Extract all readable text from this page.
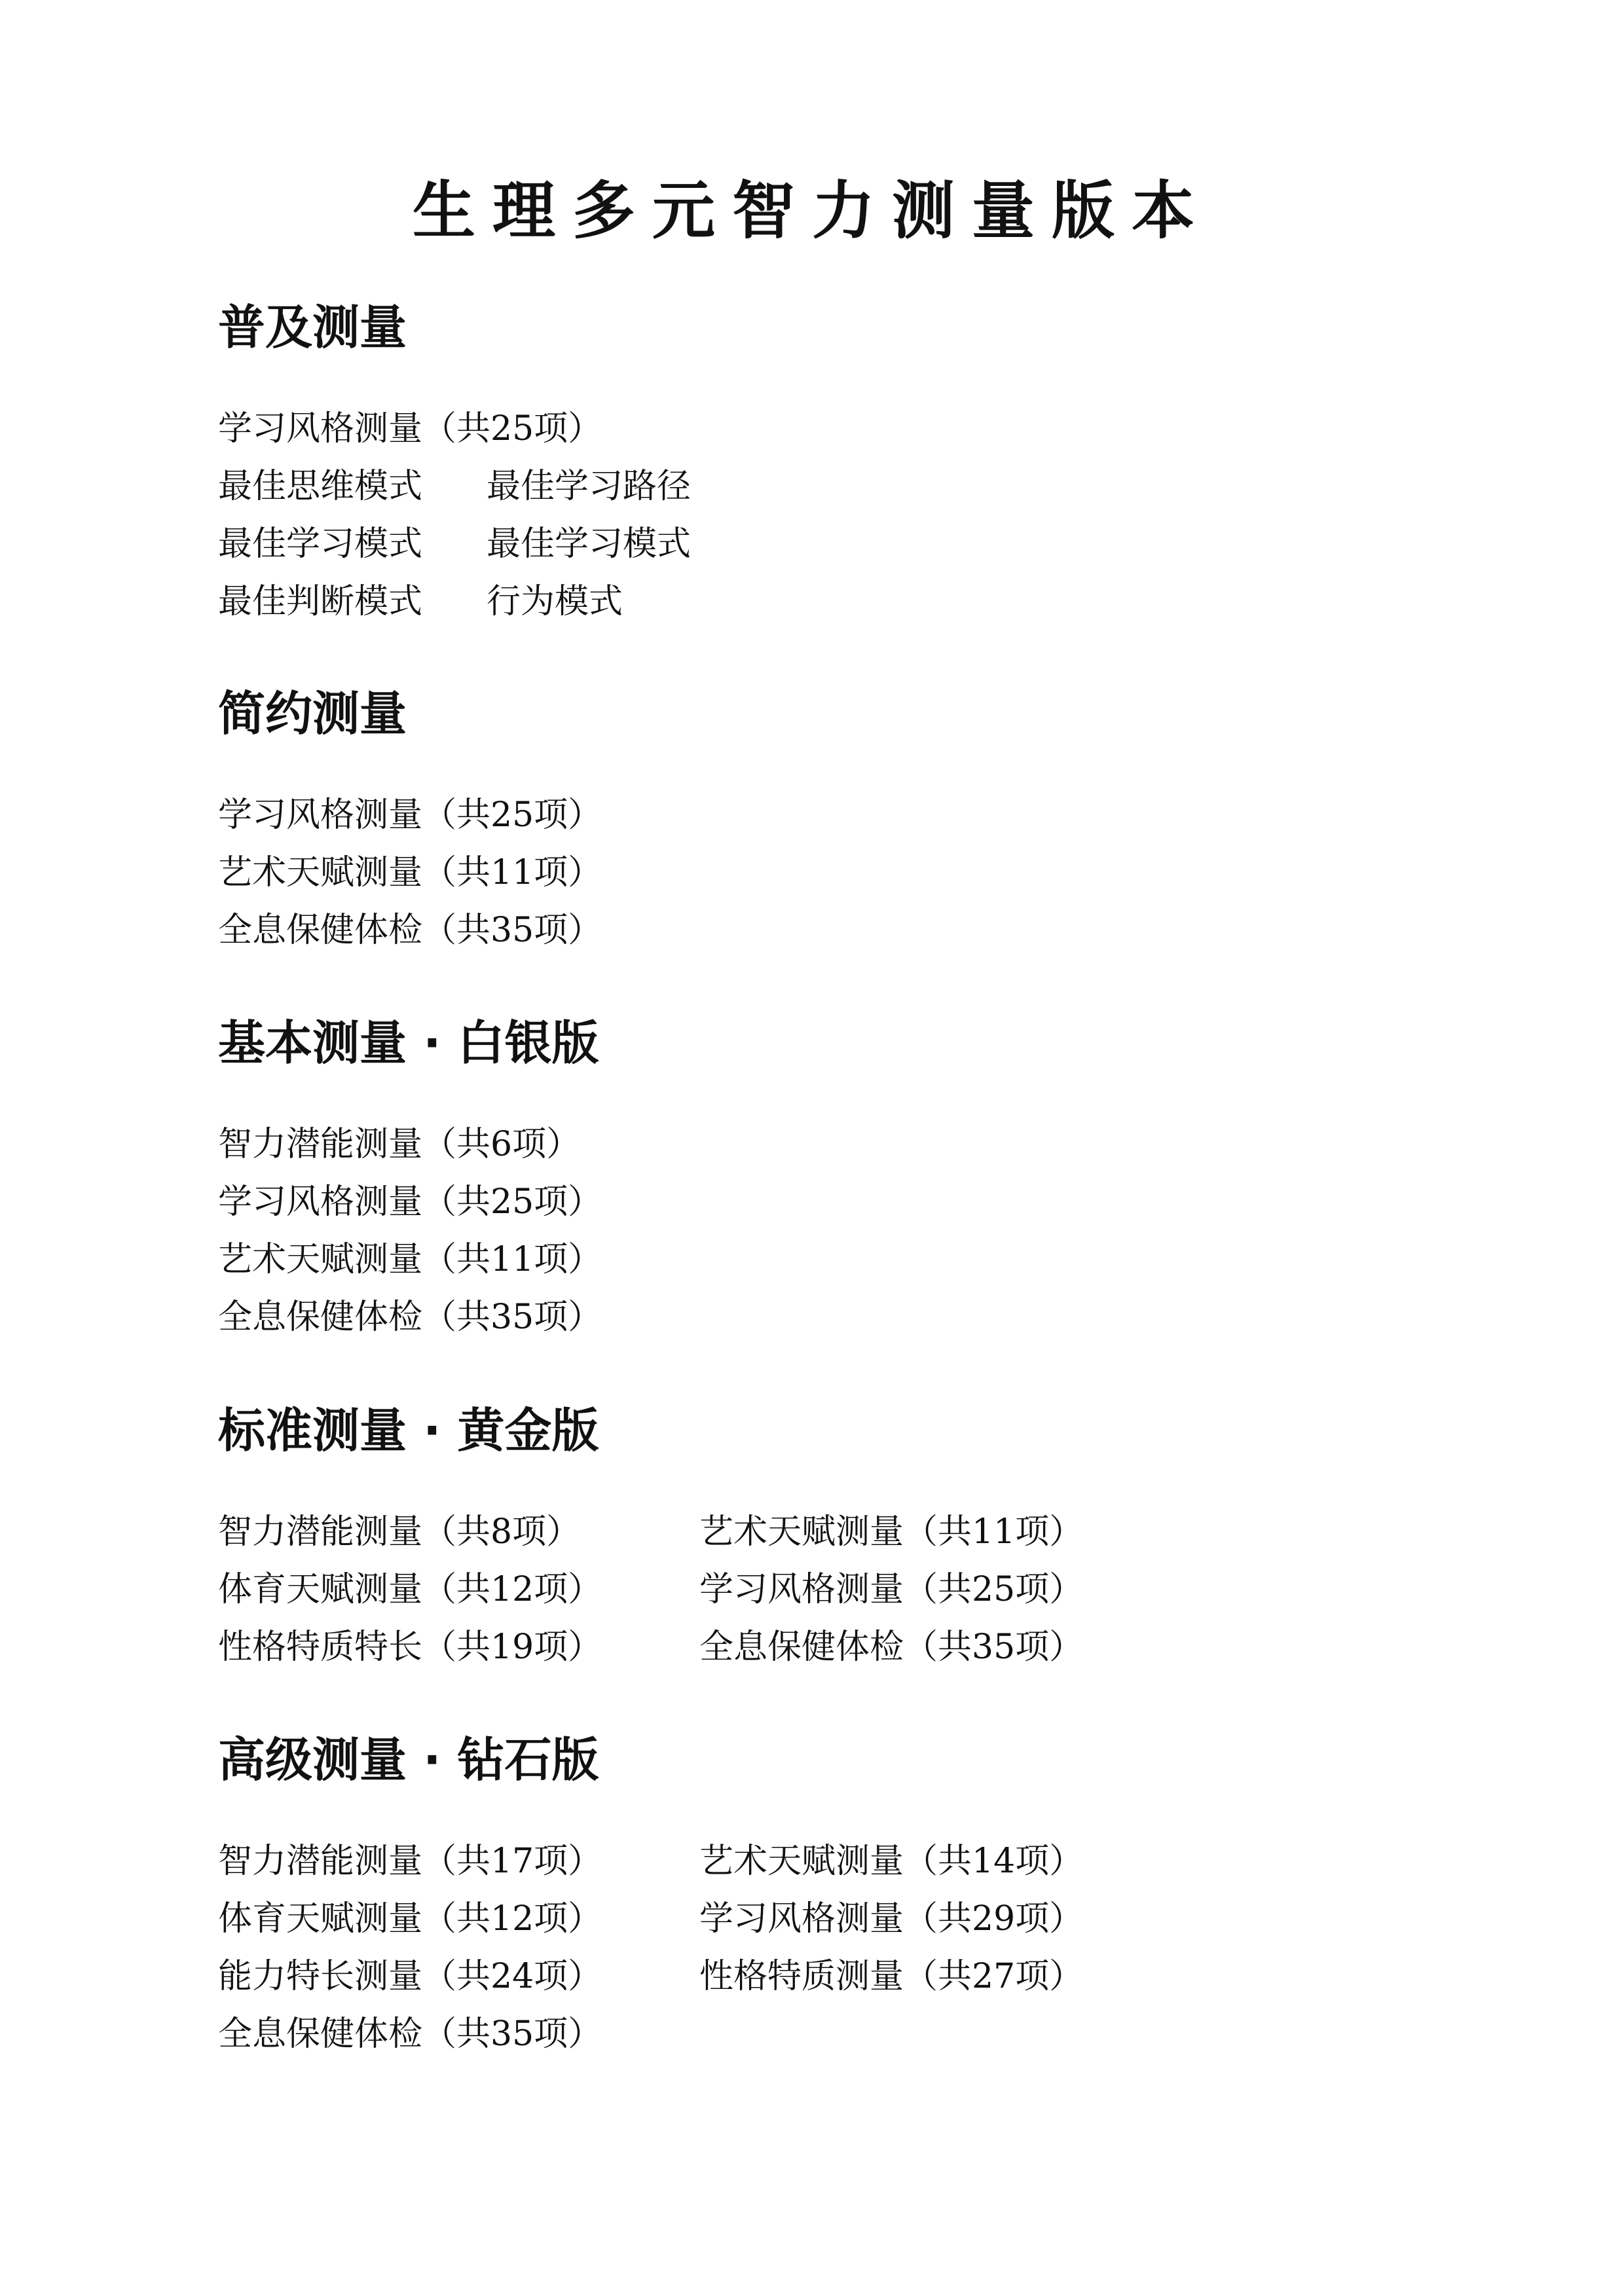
生理多元智力测量版本
普及测量
学习风格测量（共25项）
最佳思维模式	最佳学习路径
最佳学习模式	最佳学习模式
最佳判断模式	行为模式
简约测量
学习风格测量（共25项）
艺术天赋测量（共11项）
全息保健体检（共35项）
基本测量 · 白银版
智力潜能测量（共6项）
学习风格测量（共25项）
艺术天赋测量（共11项）
全息保健体检（共35项）
标准测量 · 黄金版
智力潜能测量（共8项）	艺术天赋测量（共11项）
体育天赋测量（共12项）	学习风格测量（共25项）
性格特质特长（共19项）	全息保健体检（共35项）
高级测量 · 钻石版
智力潜能测量（共17项）	艺术天赋测量（共14项）
体育天赋测量（共12项）	学习风格测量（共29项）
能力特长测量（共24项）	性格特质测量（共27项）
全息保健体检（共35项）
